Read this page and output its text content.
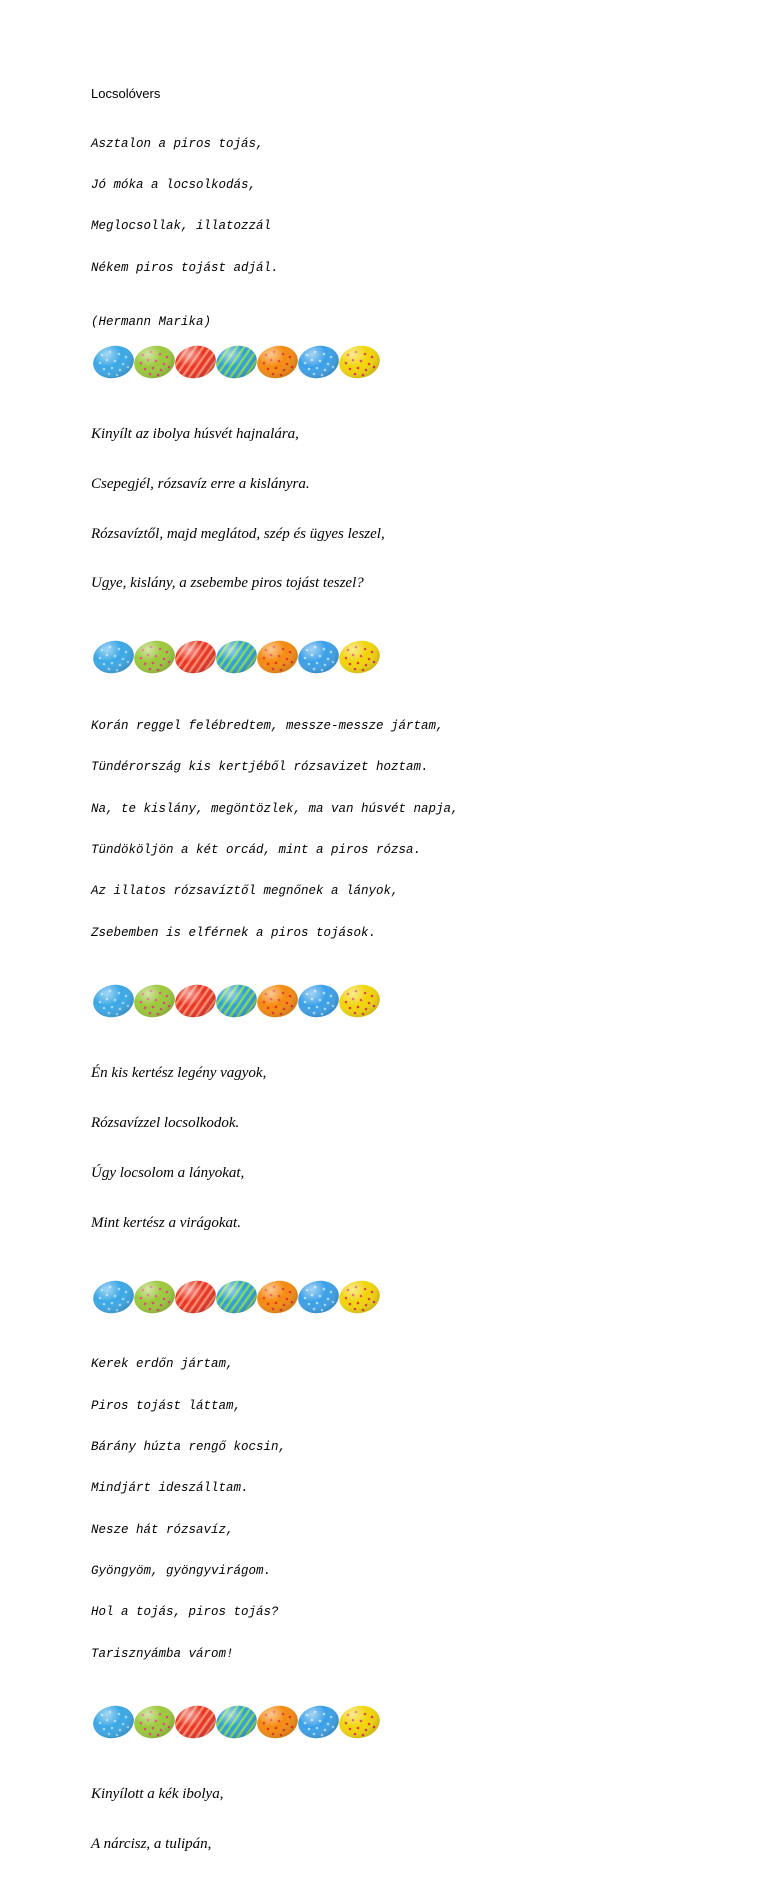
Locsolóvers

Asztalon a piros tojás,

Jó móka a locsolkodás,

Meglocsollak, illatozzál

Nékem piros tojást adjál.

(Hermann Marika)

Kinyílt az ibolya húsvét hajnalára,

Csepegjél, rózsavíz erre a kislányra.

Rózsavíztől, majd meglátod, szép és ügyes leszel,

Ugye, kislány, a zsebembe piros tojást teszel?

Korán reggel felébredtem, messze-messze jártam,

Tündérország kis kertjéből rózsavizet hoztam.

Na, te kislány, megöntözlek, ma van húsvét napja,

Tündököljön a két orcád, mint a piros rózsa.

Az illatos rózsavíztől megnőnek a lányok,

Zsebemben is elférnek a piros tojások.

Én kis kertész legény vagyok,

Rózsavízzel locsolkodok.

Úgy locsolom a lányokat,

Mint kertész a virágokat.

Kerek erdőn jártam,

Piros tojást láttam,

Bárány húzta rengő kocsin,

Mindjárt ideszálltam.

Nesze hát rózsavíz,

Gyöngyöm, gyöngyvirágom.

Hol a tojás, piros tojás?

Tarisznyámba várom!

Kinyílott a kék ibolya,

A nárcisz, a tulipán,
